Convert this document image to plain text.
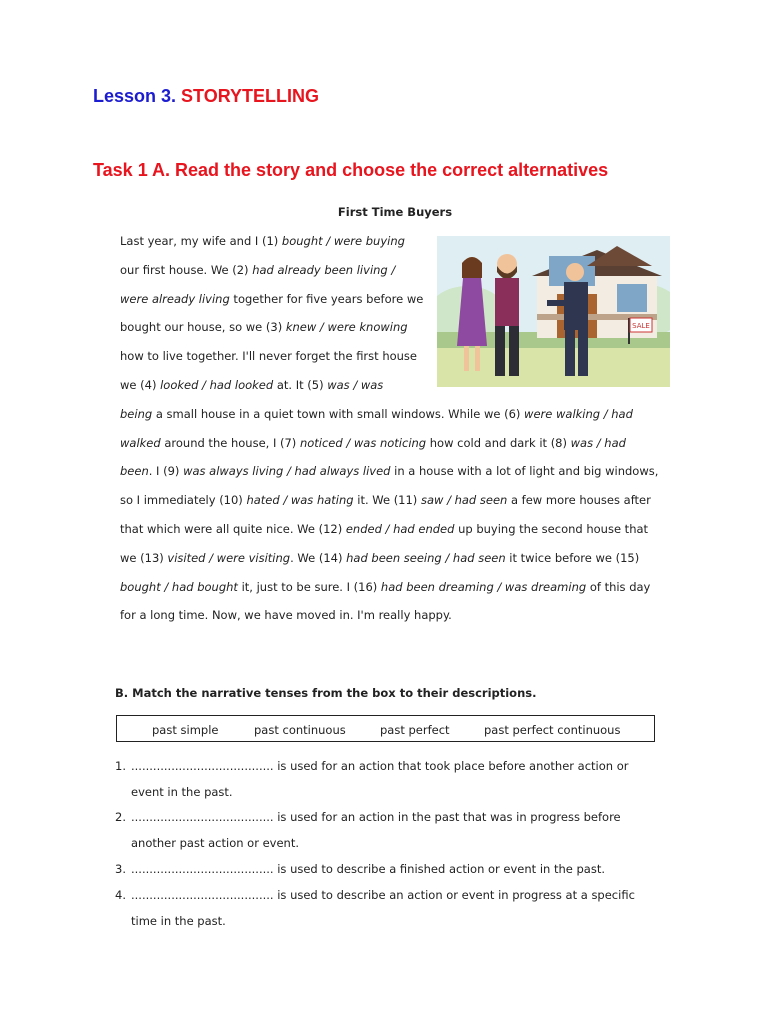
Lesson 3. STORYTELLING
Task 1 A. Read the story and choose the correct alternatives
First Time Buyers
Last year, my wife and I (1) bought / were buying
our first house. We (2) had already been living /
were already living together for five years before we
bought our house, so we (3) knew / were knowing
how to live together. I'll never forget the first house
we (4) looked / had looked at. It (5) was / was
being a small house in a quiet town with small windows. While we (6) were walking / had
walked around the house, I (7) noticed / was noticing how cold and dark it (8) was / had
been. I (9) was always living / had always lived in a house with a lot of light and big windows,
so I immediately (10) hated / was hating it. We (11) saw / had seen a few more houses after
that which were all quite nice. We (12) ended / had ended up buying the second house that
we (13) visited / were visiting. We (14) had been seeing / had seen it twice before we (15)
bought / had bought it, just to be sure. I (16) had been dreaming / was dreaming of this day
for a long time. Now, we have moved in. I'm really happy.
SALE
B. Match the narrative tenses from the box to their descriptions.
past simple	past continuous	past perfect	past perfect continuous
1. ....................................... is used for an action that took place before another action or
event in the past.
2. ....................................... is used for an action in the past that was in progress before
another past action or event.
3. ....................................... is used to describe a finished action or event in the past.
4. ....................................... is used to describe an action or event in progress at a specific
time in the past.
